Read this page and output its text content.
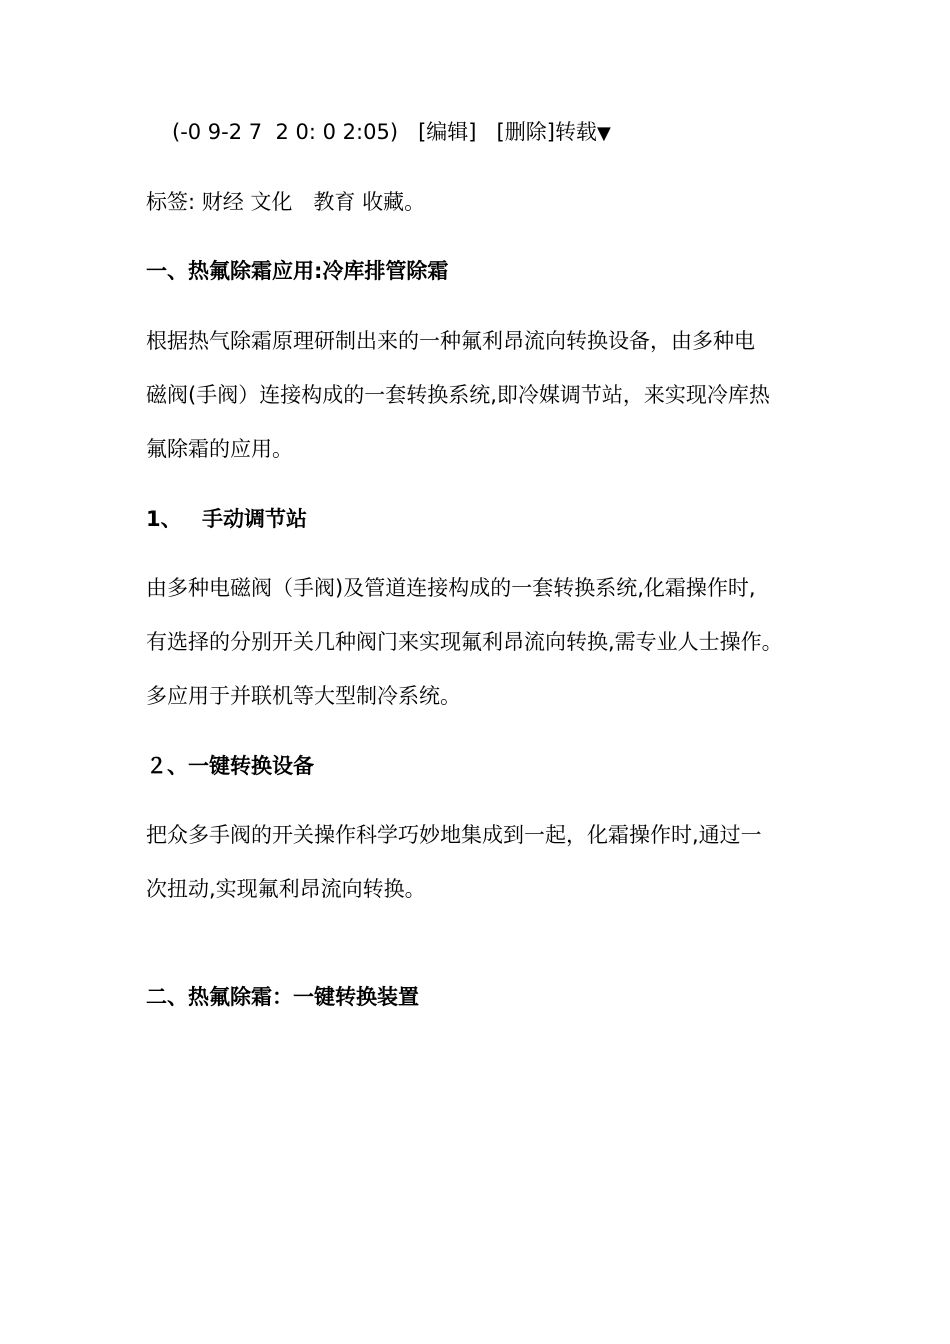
(-0 9-2 7  2 0: 0 2:05) [编辑] [删除]转载▼
标签: 财经 文化　教育 收藏。
一、热氟除霜应用:冷库排管除霜
根据热气除霜原理研制出来的一种氟利昂流向转换设备，由多种电
磁阀(手阀）连接构成的一套转换系统,即冷媒调节站，来实现冷库热
氟除霜的应用。
1、 手动调节站
由多种电磁阀（手阀)及管道连接构成的一套转换系统,化霜操作时,
有选择的分别开关几种阀门来实现氟利昂流向转换,需专业人士操作。
多应用于并联机等大型制冷系统。
２、一键转换设备
把众多手阀的开关操作科学巧妙地集成到一起，化霜操作时,通过一
次扭动,实现氟利昂流向转换。
二、热氟除霜：一键转换装置
